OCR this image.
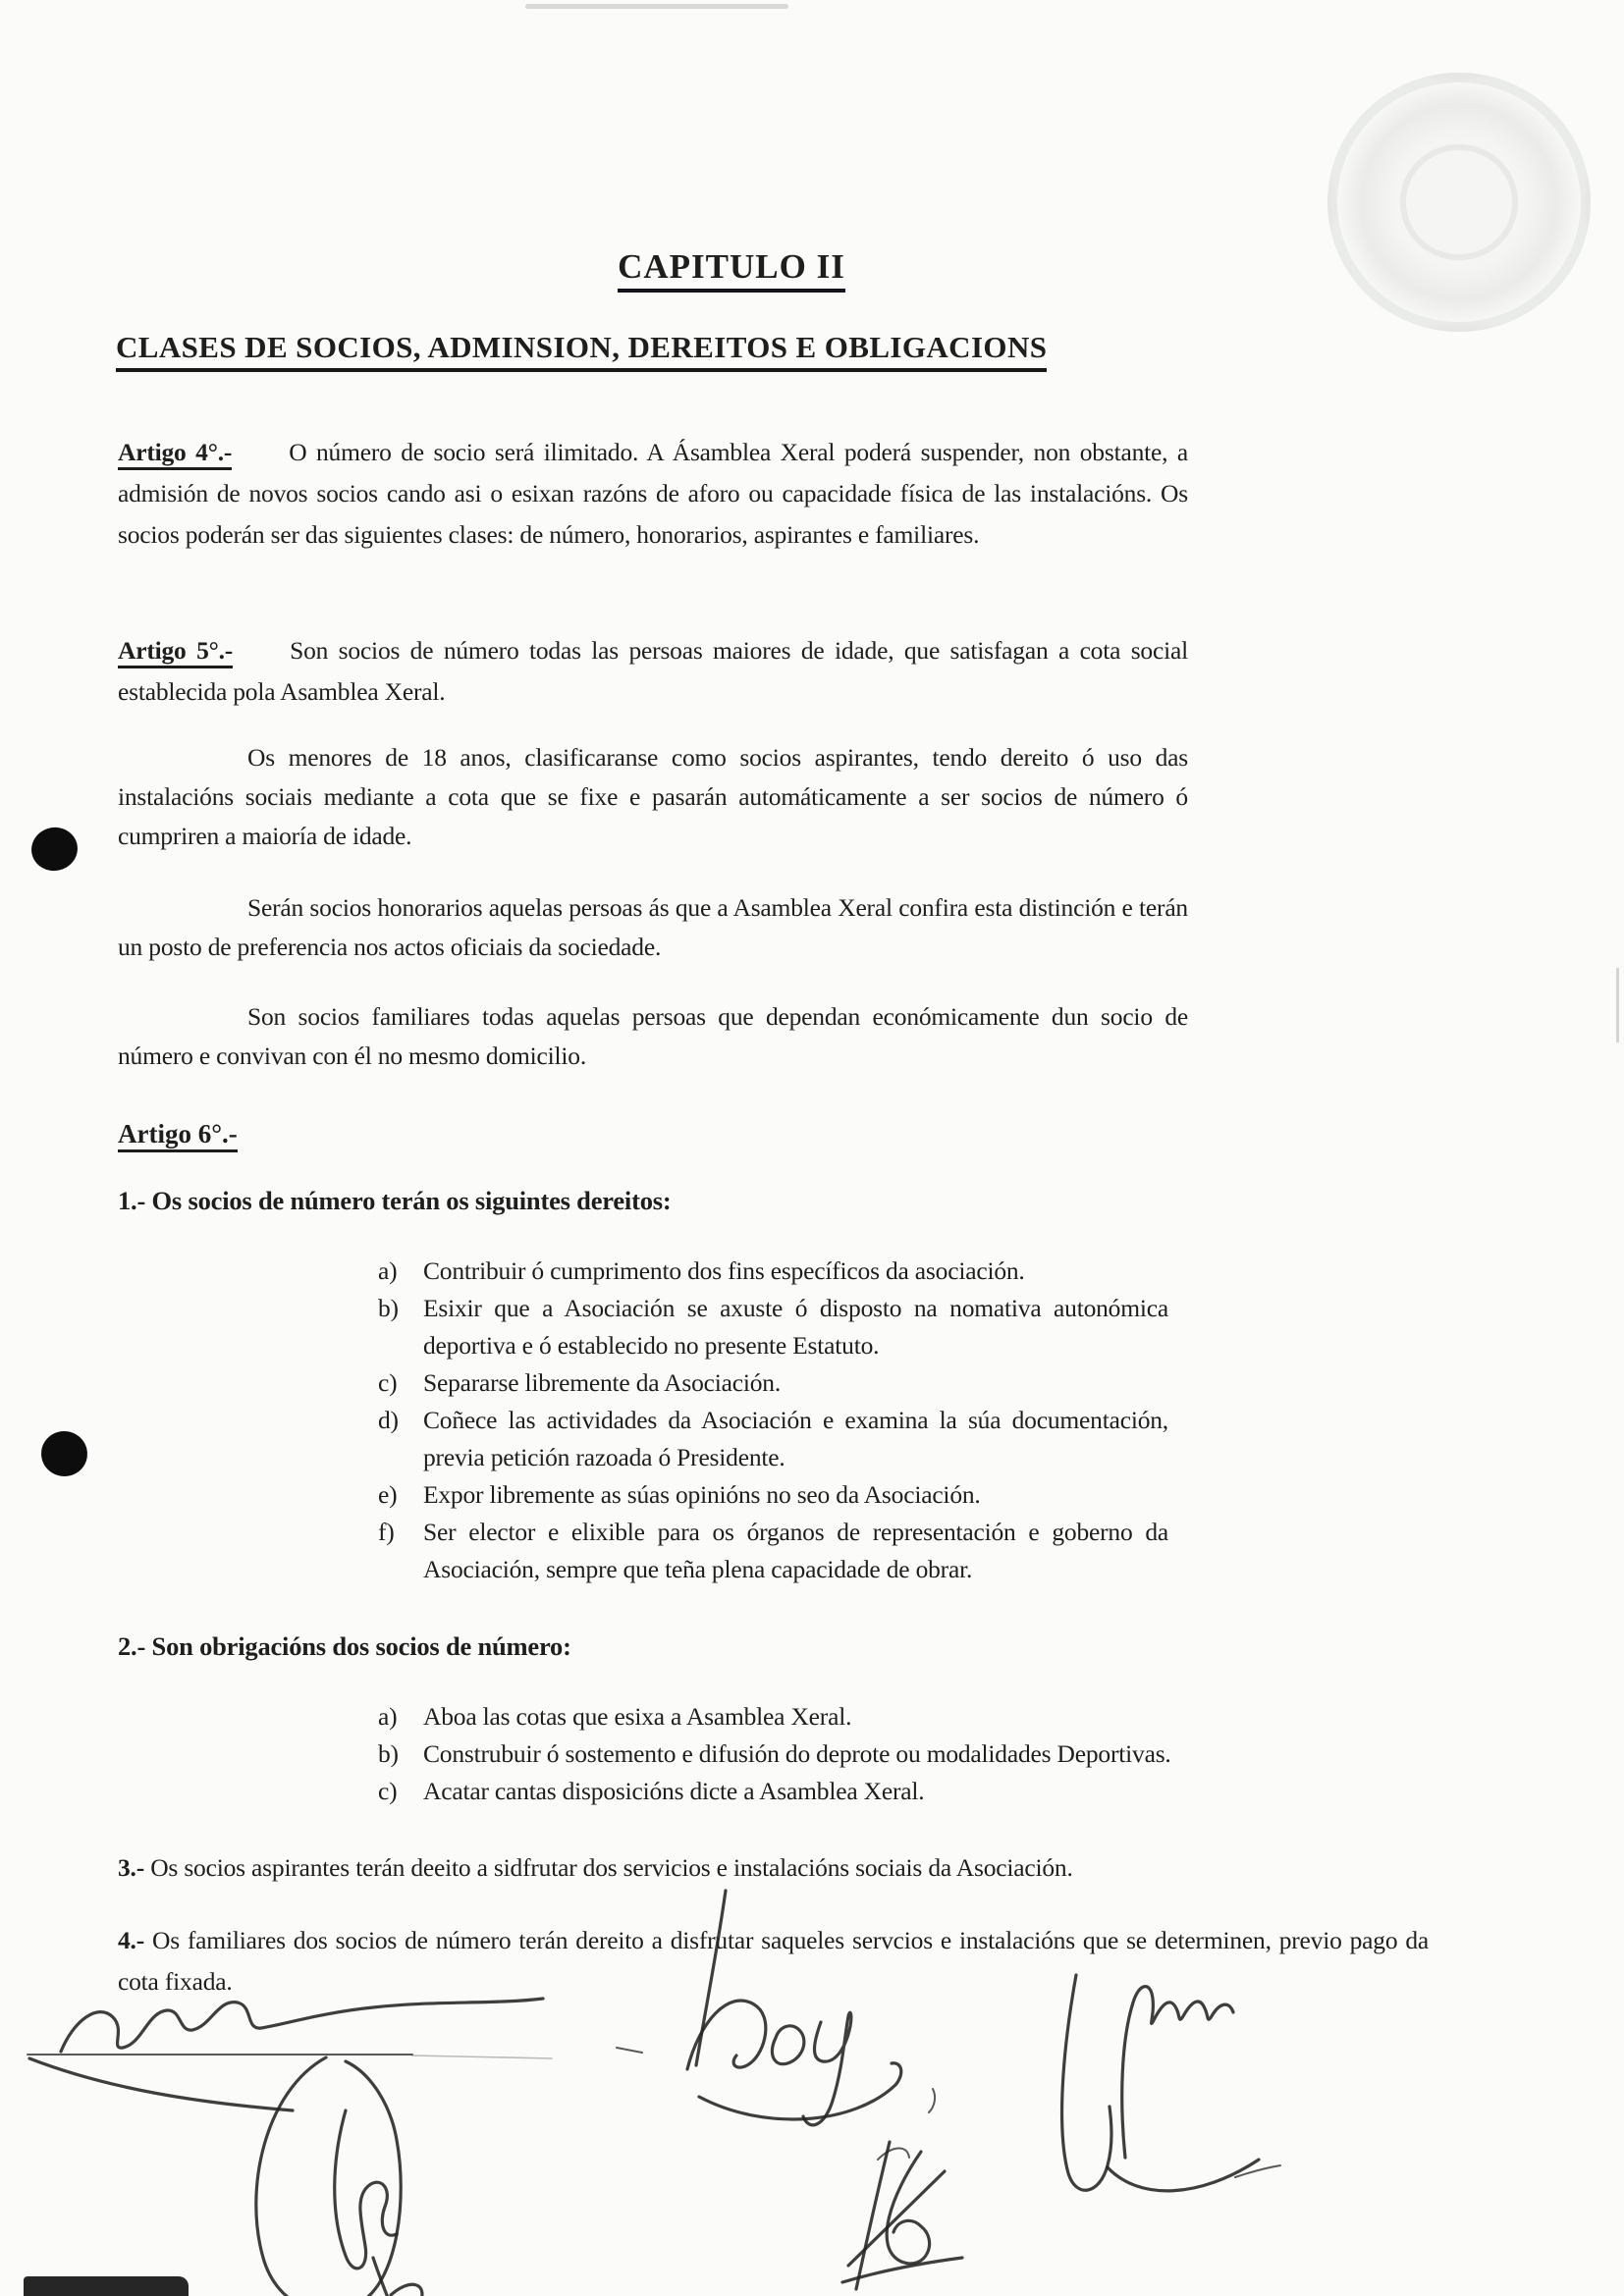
CAPITULO II
CLASES DE SOCIOS, ADMINSION, DEREITOS E OBLIGACIONS

Artigo 4°.- O número de socio será ilimitado. A Ásamblea Xeral poderá suspender, non obstante, a admisión de novos socios cando asi o esixan razóns de aforo ou capacidade física de las instalacións. Os socios poderán ser das siguientes clases: de número, honorarios, aspirantes e familiares.

Artigo 5°.- Son socios de número todas las persoas maiores de idade, que satisfagan a cota social establecida pola Asamblea Xeral.

Os menores de 18 anos, clasificaranse como socios aspirantes, tendo dereito ó uso das instalacións sociais mediante a cota que se fixe e pasarán automáticamente a ser socios de número ó cumpriren a maioría de idade.

Serán socios honorarios aquelas persoas ás que a Asamblea Xeral confira esta distinción e terán un posto de preferencia nos actos oficiais da sociedade.

Son socios familiares todas aquelas persoas que dependan económicamente dun socio de número e convivan con él no mesmo domicilio.

Artigo 6°.-

1.- Os socios de número terán os siguintes dereitos:

a)	Contribuir ó cumprimento dos fins específicos da asociación.
b) Esixir que a Asociación se axuste ó disposto na nomativa autonómica deportiva e ó establecido no presente Estatuto.
c)	Separarse libremente da Asociación.
d) Coñece las actividades da Asociación e examina la súa documentación, previa petición razoada ó Presidente.
e)	Expor libremente as súas opinións no seo da Asociación.
f)	Ser elector e elixible para os órganos de representación e goberno da Asociación, sempre que teña plena capacidade de obrar.

2.- Son obrigacións dos socios de número:

a)	Aboa las cotas que esixa a Asamblea Xeral.
b) Construbuir ó sostemento e difusión do deprote ou modalidades Deportivas.
c)	Acatar cantas disposicións dicte a Asamblea Xeral.

3.- Os socios aspirantes terán deeito a sidfrutar dos servicios e instalacións sociais da Asociación.

4.- Os familiares dos socios de número terán dereito a disfrutar saqueles servcios e instalacións que se determinen, previo pago da cota fixada.
